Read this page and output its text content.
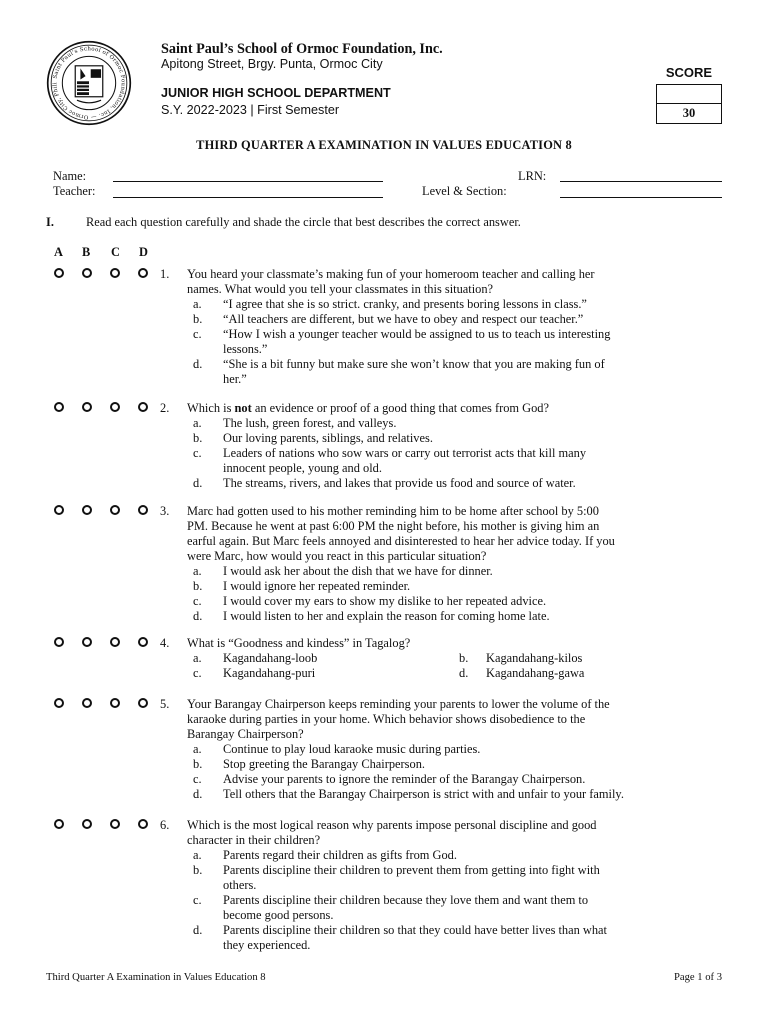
Saint Paul’s School of Ormoc Foundation, Inc. — Ormoc City, Phili
Saint Paul’s School of Ormoc Foundation, Inc.
Apitong Street, Brgy. Punta, Ormoc City
JUNIOR HIGH SCHOOL DEPARTMENT
S.Y. 2022-2023 | First Semester
SCORE
30
THIRD QUARTER A EXAMINATION IN VALUES EDUCATION 8
Name:
Teacher:
LRN:
Level & Section:
I.	Read each question carefully and shade the circle that best describes the correct answer.
A B C D
1. You heard your classmate’s making fun of your homeroom teacher and calling her
names. What would you tell your classmates in this situation?
a. “I agree that she is so strict. cranky, and presents boring lessons in class.”
b. “All teachers are different, but we have to obey and respect our teacher.”
c. “How I wish a younger teacher would be assigned to us to teach us interesting
lessons.”
d. “She is a bit funny but make sure she won’t know that you are making fun of
her.”
2. Which is not an evidence or proof of a good thing that comes from God?
a. The lush, green forest, and valleys.
b. Our loving parents, siblings, and relatives.
c. Leaders of nations who sow wars or carry out terrorist acts that kill many
innocent people, young and old.
d. The streams, rivers, and lakes that provide us food and source of water.
3. Marc had gotten used to his mother reminding him to be home after school by 5:00
PM. Because he went at past 6:00 PM the night before, his mother is giving him an
earful again. But Marc feels annoyed and disinterested to hear her advice today. If you
were Marc, how would you react in this particular situation?
a. I would ask her about the dish that we have for dinner.
b. I would ignore her repeated reminder.
c. I would cover my ears to show my dislike to her repeated advice.
d. I would listen to her and explain the reason for coming home late.
4. What is “Goodness and kindess” in Tagalog?
a. Kagandahang-loob	b. Kagandahang-kilos
c. Kagandahang-puri	d. Kagandahang-gawa
5. Your Barangay Chairperson keeps reminding your parents to lower the volume of the
karaoke during parties in your home. Which behavior shows disobedience to the
Barangay Chairperson?
a. Continue to play loud karaoke music during parties.
b. Stop greeting the Barangay Chairperson.
c. Advise your parents to ignore the reminder of the Barangay Chairperson.
d. Tell others that the Barangay Chairperson is strict with and unfair to your family.
6. Which is the most logical reason why parents impose personal discipline and good
character in their children?
a. Parents regard their children as gifts from God.
b. Parents discipline their children to prevent them from getting into fight with
others.
c. Parents discipline their children because they love them and want them to
become good persons.
d. Parents discipline their children so that they could have better lives than what
they experienced.
Third Quarter A Examination in Values Education 8	Page 1 of 3
